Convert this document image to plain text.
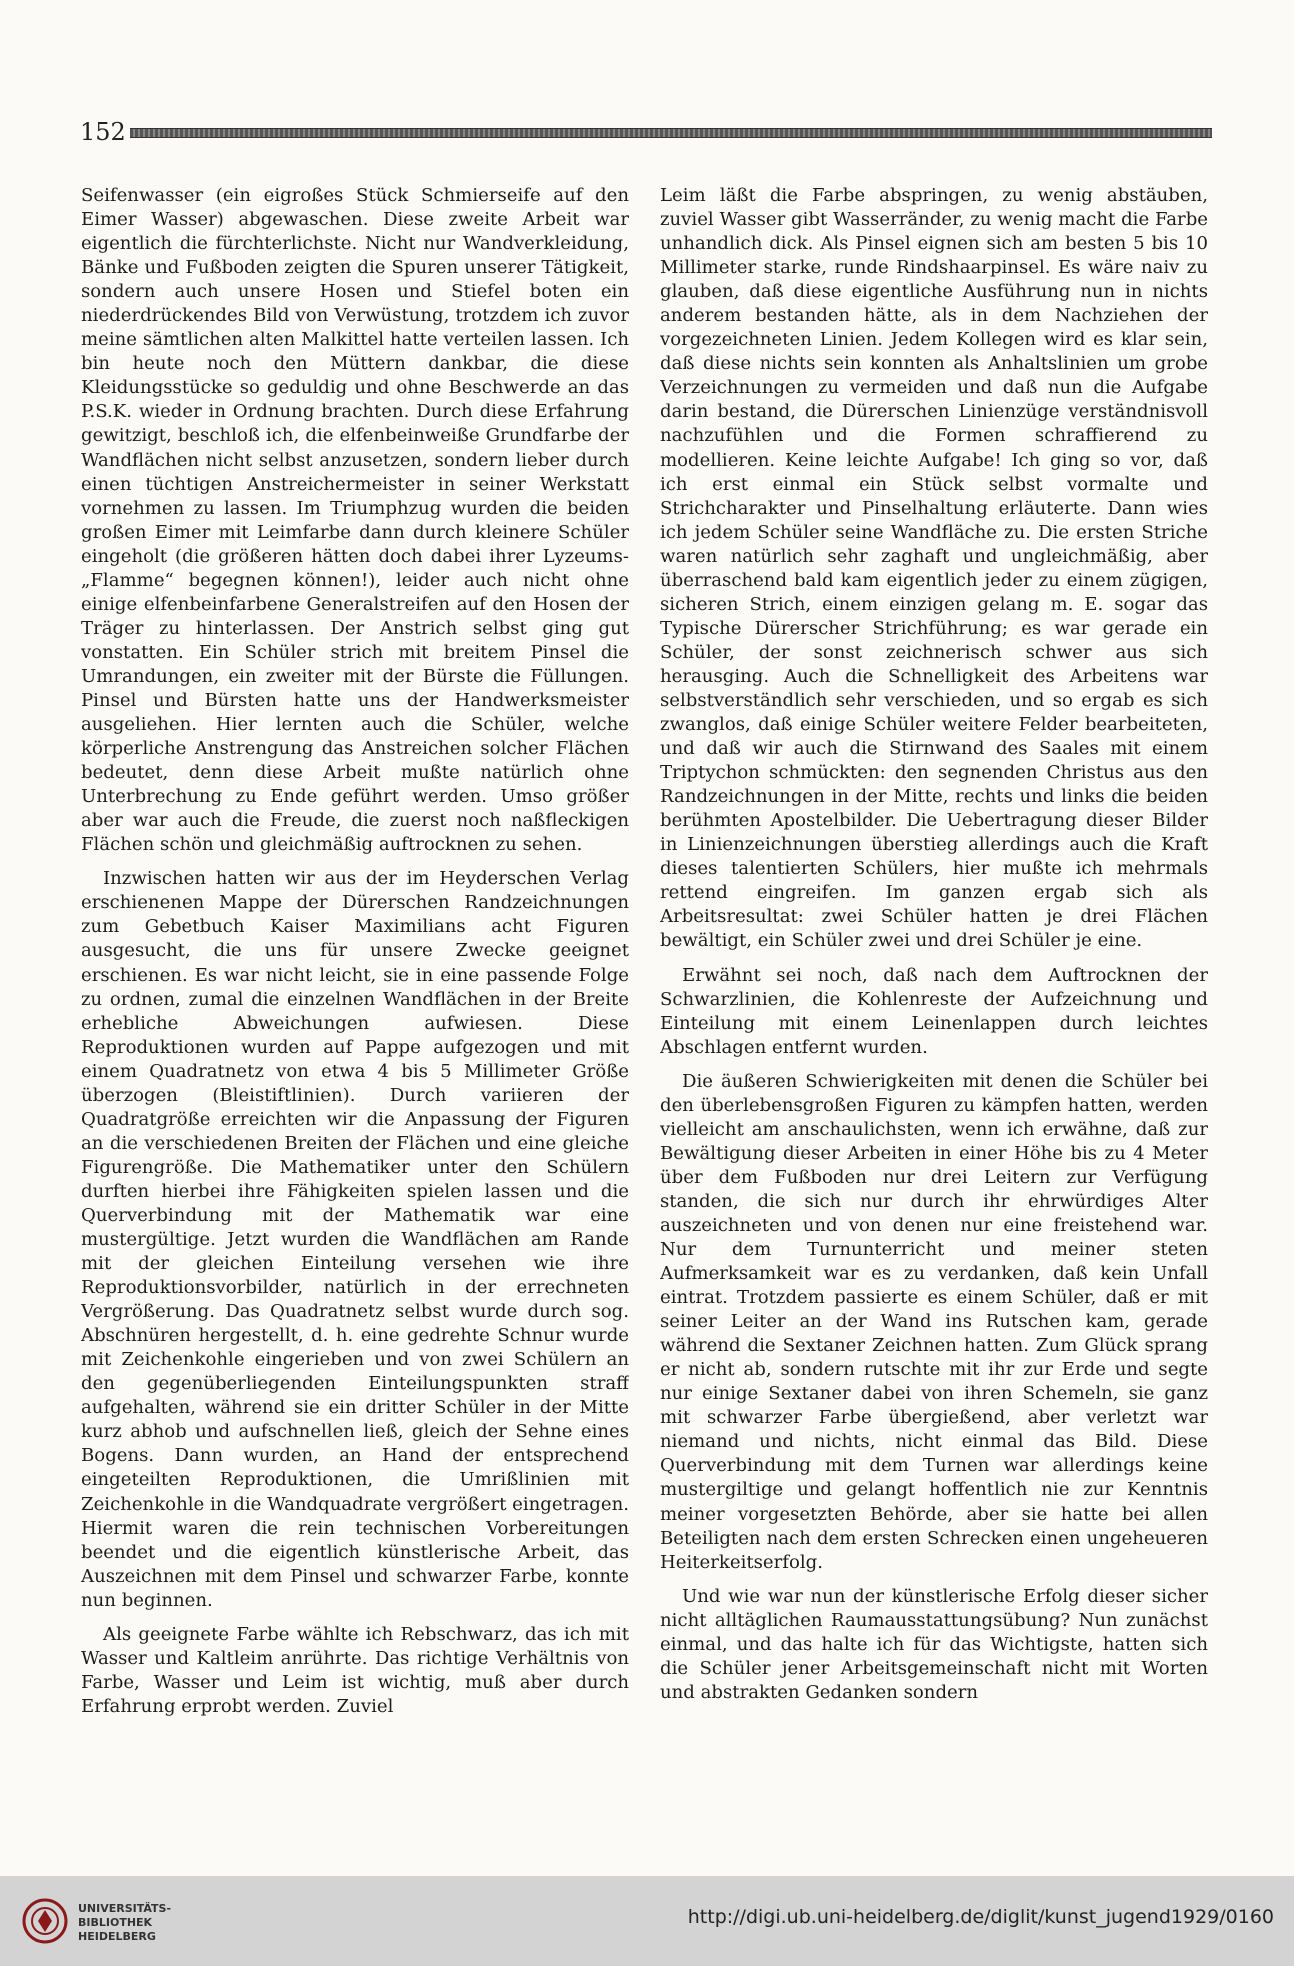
152

Seifenwasser (ein eigroßes Stück Schmierseife auf den Eimer Wasser) abgewaschen. Diese zweite Arbeit war eigentlich die fürchterlichste. Nicht nur Wandverkleidung, Bänke und Fußboden zeigten die Spuren unserer Tätigkeit, sondern auch unsere Hosen und Stiefel boten ein niederdrückendes Bild von Verwüstung, trotzdem ich zuvor meine sämtlichen alten Malkittel hatte verteilen lassen. Ich bin heute noch den Müttern dankbar, die diese Kleidungsstücke so geduldig und ohne Beschwerde an das P.S.K. wieder in Ordnung brachten. Durch diese Erfahrung gewitzigt, beschloß ich, die elfenbeinweiße Grundfarbe der Wandflächen nicht selbst anzusetzen, sondern lieber durch einen tüchtigen Anstreichermeister in seiner Werkstatt vornehmen zu lassen. Im Triumphzug wurden die beiden großen Eimer mit Leimfarbe dann durch kleinere Schüler eingeholt (die größeren hätten doch dabei ihrer Lyzeums-„Flamme“ begegnen können!), leider auch nicht ohne einige elfenbeinfarbene Generalstreifen auf den Hosen der Träger zu hinterlassen. Der Anstrich selbst ging gut vonstatten. Ein Schüler strich mit breitem Pinsel die Umrandungen, ein zweiter mit der Bürste die Füllungen. Pinsel und Bürsten hatte uns der Handwerksmeister ausgeliehen. Hier lernten auch die Schüler, welche körperliche Anstrengung das Anstreichen solcher Flächen bedeutet, denn diese Arbeit mußte natürlich ohne Unterbrechung zu Ende geführt werden. Umso größer aber war auch die Freude, die zuerst noch naßfleckigen Flächen schön und gleichmäßig auftrocknen zu sehen.

Inzwischen hatten wir aus der im Heyderschen Verlag erschienenen Mappe der Dürerschen Randzeichnungen zum Gebetbuch Kaiser Maximilians acht Figuren ausgesucht, die uns für unsere Zwecke geeignet erschienen. Es war nicht leicht, sie in eine passende Folge zu ordnen, zumal die einzelnen Wandflächen in der Breite erhebliche Abweichungen aufwiesen. Diese Reproduktionen wurden auf Pappe aufgezogen und mit einem Quadratnetz von etwa 4 bis 5 Millimeter Größe überzogen (Bleistiftlinien). Durch variieren der Quadratgröße erreichten wir die Anpassung der Figuren an die verschiedenen Breiten der Flächen und eine gleiche Figurengröße. Die Mathematiker unter den Schülern durften hierbei ihre Fähigkeiten spielen lassen und die Querverbindung mit der Mathematik war eine mustergültige. Jetzt wurden die Wandflächen am Rande mit der gleichen Einteilung versehen wie ihre Reproduktionsvorbilder, natürlich in der errechneten Vergrößerung. Das Quadratnetz selbst wurde durch sog. Abschnüren hergestellt, d. h. eine gedrehte Schnur wurde mit Zeichenkohle eingerieben und von zwei Schülern an den gegenüberliegenden Einteilungspunkten straff aufgehalten, während sie ein dritter Schüler in der Mitte kurz abhob und aufschnellen ließ, gleich der Sehne eines Bogens. Dann wurden, an Hand der entsprechend eingeteilten Reproduktionen, die Umrißlinien mit Zeichenkohle in die Wandquadrate vergrößert eingetragen. Hiermit waren die rein technischen Vorbereitungen beendet und die eigentlich künstlerische Arbeit, das Auszeichnen mit dem Pinsel und schwarzer Farbe, konnte nun beginnen.

Als geeignete Farbe wählte ich Rebschwarz, das ich mit Wasser und Kaltleim anrührte. Das richtige Verhältnis von Farbe, Wasser und Leim ist wichtig, muß aber durch Erfahrung erprobt werden. Zuviel

Leim läßt die Farbe abspringen, zu wenig abstäuben, zuviel Wasser gibt Wasserränder, zu wenig macht die Farbe unhandlich dick. Als Pinsel eignen sich am besten 5 bis 10 Millimeter starke, runde Rindshaarpinsel. Es wäre naiv zu glauben, daß diese eigentliche Ausführung nun in nichts anderem bestanden hätte, als in dem Nachziehen der vorgezeichneten Linien. Jedem Kollegen wird es klar sein, daß diese nichts sein konnten als Anhaltslinien um grobe Verzeichnungen zu vermeiden und daß nun die Aufgabe darin bestand, die Dürerschen Linienzüge verständnisvoll nachzufühlen und die Formen schraffierend zu modellieren. Keine leichte Aufgabe! Ich ging so vor, daß ich erst einmal ein Stück selbst vormalte und Strichcharakter und Pinselhaltung erläuterte. Dann wies ich jedem Schüler seine Wandfläche zu. Die ersten Striche waren natürlich sehr zaghaft und ungleichmäßig, aber überraschend bald kam eigentlich jeder zu einem zügigen, sicheren Strich, einem einzigen gelang m. E. sogar das Typische Dürerscher Strichführung; es war gerade ein Schüler, der sonst zeichnerisch schwer aus sich herausging. Auch die Schnelligkeit des Arbeitens war selbstverständlich sehr verschieden, und so ergab es sich zwanglos, daß einige Schüler weitere Felder bearbeiteten, und daß wir auch die Stirnwand des Saales mit einem Triptychon schmückten: den segnenden Christus aus den Randzeichnungen in der Mitte, rechts und links die beiden berühmten Apostelbilder. Die Uebertragung dieser Bilder in Linienzeichnungen überstieg allerdings auch die Kraft dieses talentierten Schülers, hier mußte ich mehrmals rettend eingreifen. Im ganzen ergab sich als Arbeitsresultat: zwei Schüler hatten je drei Flächen bewältigt, ein Schüler zwei und drei Schüler je eine.

Erwähnt sei noch, daß nach dem Auftrocknen der Schwarzlinien, die Kohlenreste der Aufzeichnung und Einteilung mit einem Leinenlappen durch leichtes Abschlagen entfernt wurden.

Die äußeren Schwierigkeiten mit denen die Schüler bei den überlebensgroßen Figuren zu kämpfen hatten, werden vielleicht am anschaulichsten, wenn ich erwähne, daß zur Bewältigung dieser Arbeiten in einer Höhe bis zu 4 Meter über dem Fußboden nur drei Leitern zur Verfügung standen, die sich nur durch ihr ehrwürdiges Alter auszeichneten und von denen nur eine freistehend war. Nur dem Turnunterricht und meiner steten Aufmerksamkeit war es zu verdanken, daß kein Unfall eintrat. Trotzdem passierte es einem Schüler, daß er mit seiner Leiter an der Wand ins Rutschen kam, gerade während die Sextaner Zeichnen hatten. Zum Glück sprang er nicht ab, sondern rutschte mit ihr zur Erde und segte nur einige Sextaner dabei von ihren Schemeln, sie ganz mit schwarzer Farbe übergießend, aber verletzt war niemand und nichts, nicht einmal das Bild. Diese Querverbindung mit dem Turnen war allerdings keine mustergiltige und gelangt hoffentlich nie zur Kenntnis meiner vorgesetzten Behörde, aber sie hatte bei allen Beteiligten nach dem ersten Schrecken einen ungeheueren Heiterkeitserfolg.

Und wie war nun der künstlerische Erfolg dieser sicher nicht alltäglichen Raumausstattungsübung? Nun zunächst einmal, und das halte ich für das Wichtigste, hatten sich die Schüler jener Arbeitsgemeinschaft nicht mit Worten und abstrakten Gedanken sondern

UNIVERSITÄTS-
BIBLIOTHEK
HEIDELBERG
http://digi.ub.uni-heidelberg.de/diglit/kunst_jugend1929/0160
